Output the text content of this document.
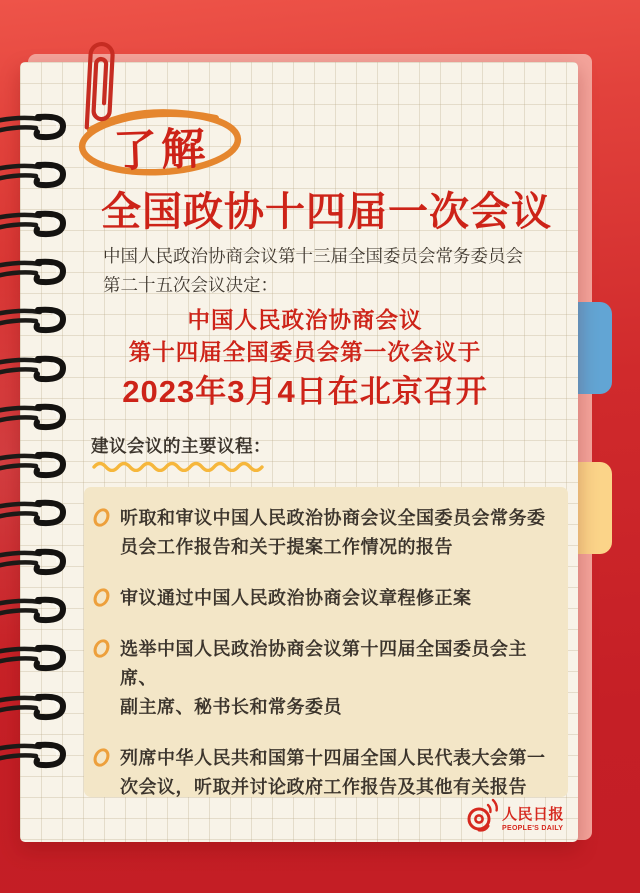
了解
全国政协十四届一次会议

中国人民政治协商会议第十三届全国委员会常务委员会
第二十五次会议决定：

中国人民政治协商会议
第十四届全国委员会第一次会议于
2023年3月4日在北京召开
建议会议的主要议程：
听取和审议中国人民政治协商会议全国委员会常务委
员会工作报告和关于提案工作情况的报告
审议通过中国人民政治协商会议章程修正案
选举中国人民政治协商会议第十四届全国委员会主席、
副主席、秘书长和常务委员
列席中华人民共和国第十四届全国人民代表大会第一
次会议，听取并讨论政府工作报告及其他有关报告
人民日报
PEOPLE'S DAILY
